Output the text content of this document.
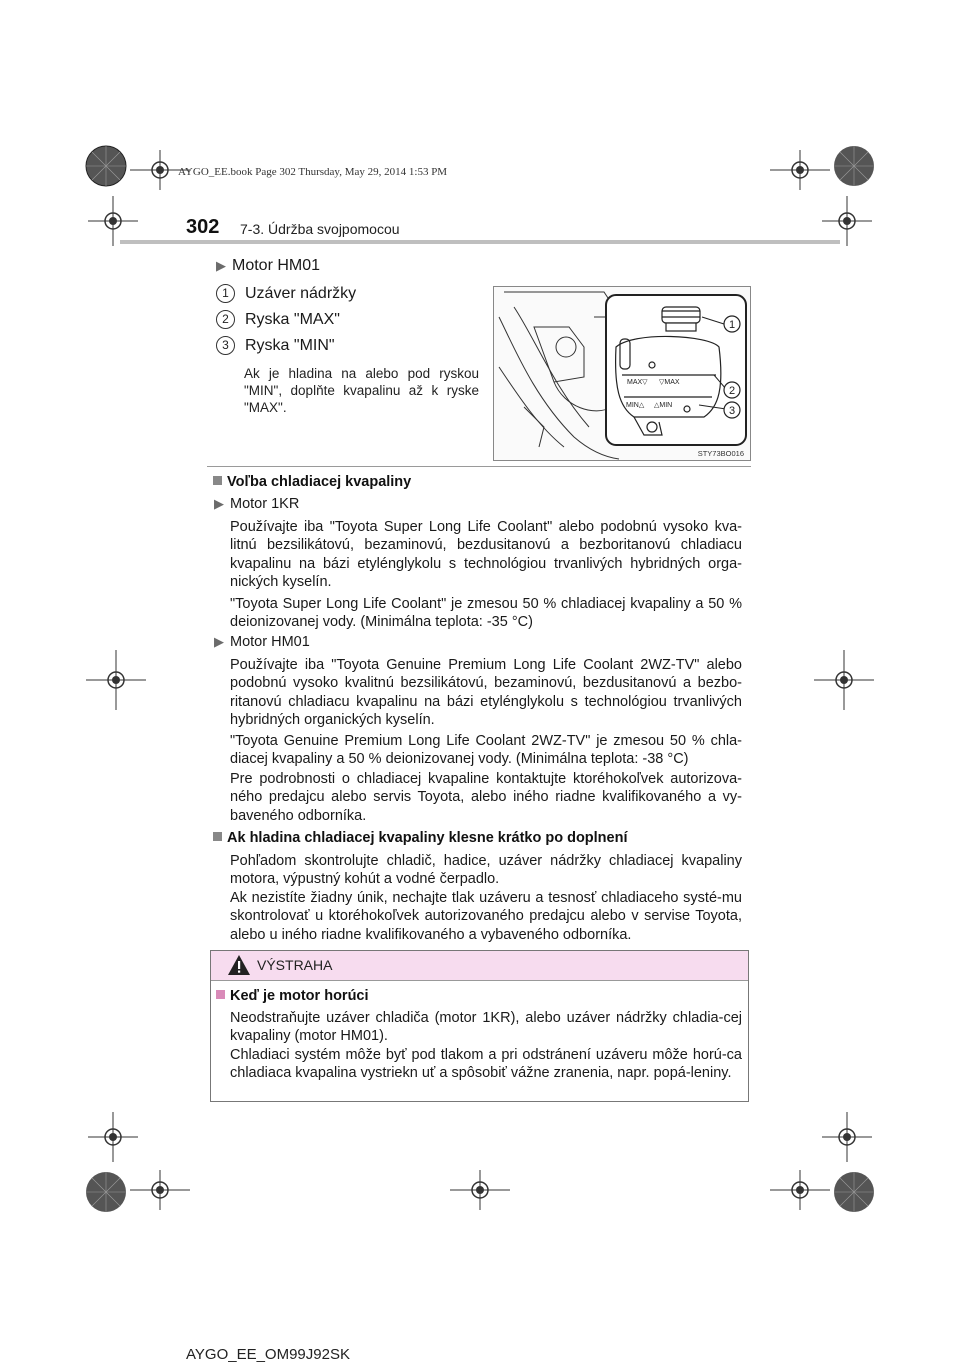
AYGO_EE.book Page 302 Thursday, May 29, 2014 1:53 PM
302 7-3. Údržba svojpomocou
▶ Motor HM01
1	Uzáver nádržky
2	Ryska "MAX"
3	Ryska "MIN"
Ak je hladina na alebo pod ryskou "MIN", doplňte kvapalinu až k ryske "MAX".
MAX▽ ▽MAX
MIN△ △MIN
1
2
3
STY73BO016
Voľba chladiacej kvapaliny
▶ Motor 1KR
Používajte iba "Toyota Super Long Life Coolant" alebo podobnú vysoko kva-litnú bezsilikátovú, bezaminovú, bezdusitanovú a bezboritanovú chladiacu kvapalinu na bázi etylénglykolu s technológiou trvanlivých hybridných orga-nických kyselín.
"Toyota Super Long Life Coolant" je zmesou 50 % chladiacej kvapaliny a 50 % deionizovanej vody. (Minimálna teplota: -35 °C)
▶ Motor HM01
Používajte iba "Toyota Genuine Premium Long Life Coolant 2WZ-TV" alebo podobnú vysoko kvalitnú bezsilikátovú, bezaminovú, bezdusitanovú a bezbo-ritanovú chladiacu kvapalinu na bázi etylénglykolu s technológiou trvanlivých hybridných organických kyselín.
"Toyota Genuine Premium Long Life Coolant 2WZ-TV" je zmesou 50 % chla-diacej kvapaliny a 50 % deionizovanej vody. (Minimálna teplota: -38 °C)
Pre podrobnosti o chladiacej kvapaline kontaktujte ktoréhokoľvek autorizova-ného predajcu alebo servis Toyota, alebo iného riadne kvalifikovaného a vy-baveného odborníka.
Ak hladina chladiacej kvapaliny klesne krátko po doplnení
Pohľadom skontrolujte chladič, hadice, uzáver nádržky chladiacej kvapaliny motora, výpustný kohút a vodné čerpadlo.
Ak nezistíte žiadny únik, nechajte tlak uzáveru a tesnosť chladiaceho systé-mu skontrolovať u ktoréhokoľvek autorizovaného predajcu alebo v servise Toyota, alebo u iného riadne kvalifikovaného a vybaveného odborníka.
VÝSTRAHA
Keď je motor horúci
Neodstraňujte uzáver chladiča (motor 1KR), alebo uzáver nádržky chladia-cej kvapaliny (motor HM01).
Chladiaci systém môže byť pod tlakom a pri odstránení uzáveru môže horú-ca chladiaca kvapalina vystriekn uť a spôsobiť vážne zranenia, napr. popá-leniny.
AYGO_EE_OM99J92SK
